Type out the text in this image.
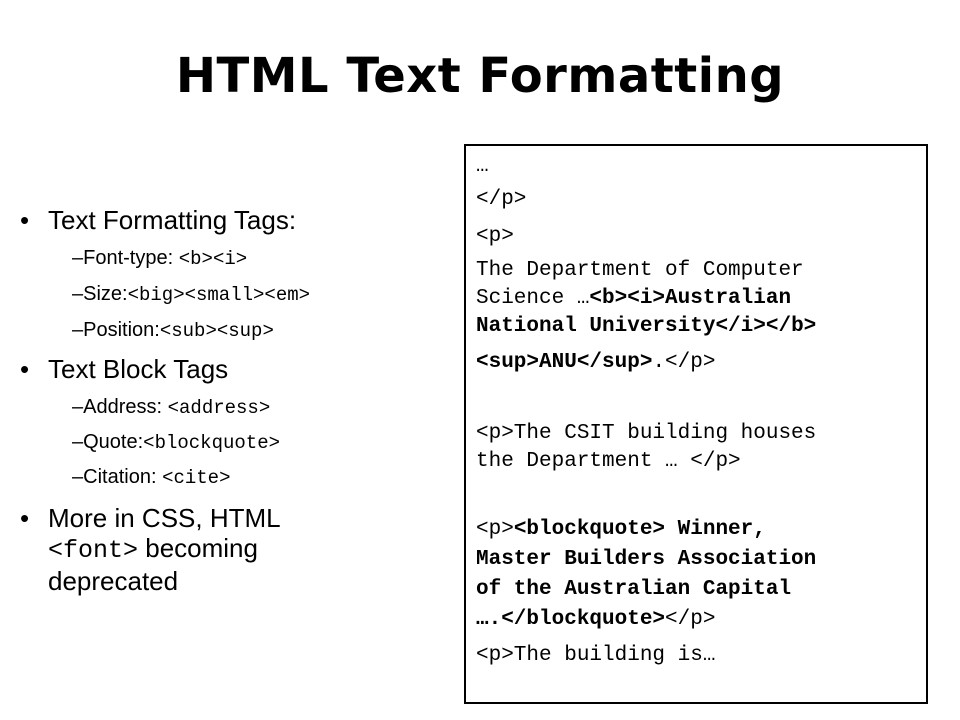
HTML Text Formatting
• Text Formatting Tags:
–Font-type: <b><i>
–Size:<big><small><em>
–Position:<sub><sup>
• Text Block Tags
–Address: <address>
–Quote:<blockquote>
–Citation: <cite>
• More in CSS, HTML
<font> becoming
deprecated
…
</p>
<p>
The Department of Computer
Science …<b><i>Australian
National University</i></b>
<sup>ANU</sup>.</p>
<p>The CSIT building houses
the Department … </p>
<p><blockquote> Winner,
Master Builders Association
of the Australian Capital
….</blockquote></p>
<p>The building is…
